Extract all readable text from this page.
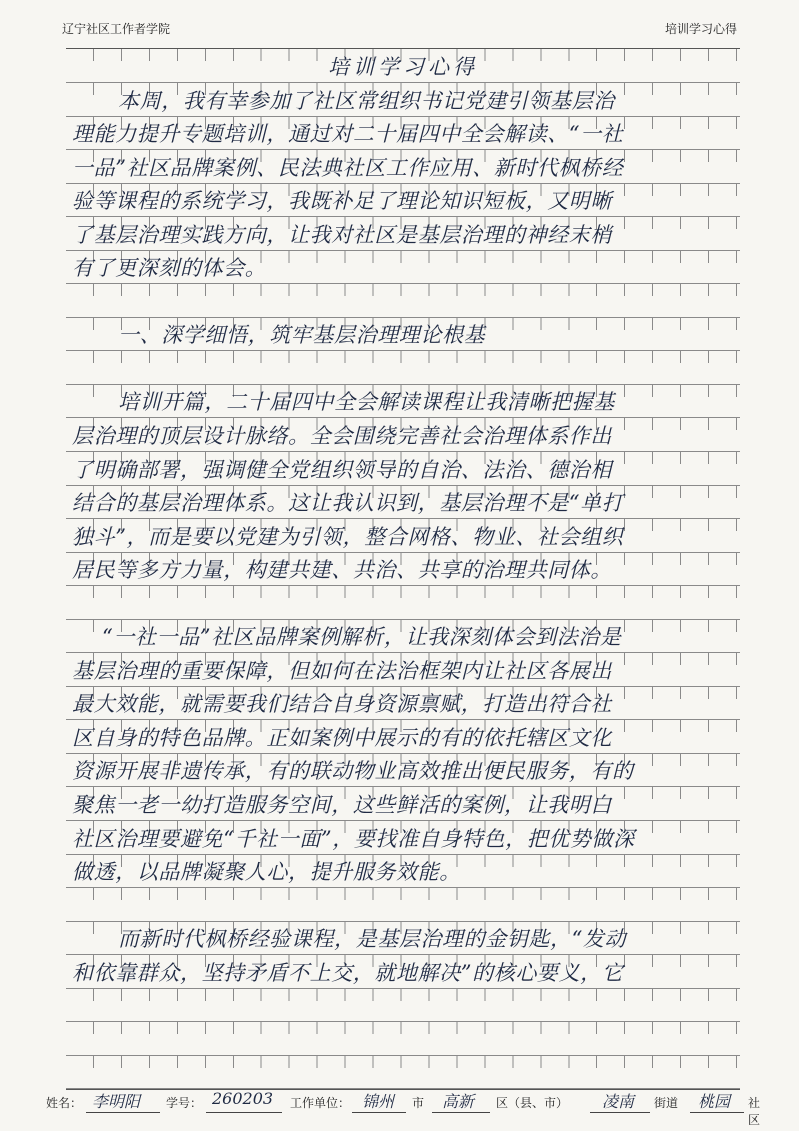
辽宁社区工作者学院	培训学习心得
培训学习心得
本周，我有幸参加了社区常组织书记党建引领基层治
理能力提升专题培训，通过对二十届四中全会解读、“一社
一品”社区品牌案例、民法典社区工作应用、新时代枫桥经
验等课程的系统学习，我既补足了理论知识短板，又明晰
了基层治理实践方向，让我对社区是基层治理的神经末梢
有了更深刻的体会。
一、深学细悟，筑牢基层治理理论根基
培训开篇，二十届四中全会解读课程让我清晰把握基
层治理的顶层设计脉络。全会围绕完善社会治理体系作出
了明确部署，强调健全党组织领导的自治、法治、德治相
结合的基层治理体系。这让我认识到，基层治理不是“单打
独斗”，而是要以党建为引领，整合网格、物业、社会组织
居民等多方力量，构建共建、共治、共享的治理共同体。
“一社一品”社区品牌案例解析，让我深刻体会到法治是
基层治理的重要保障，但如何在法治框架内让社区各展出
最大效能，就需要我们结合自身资源禀赋，打造出符合社
区自身的特色品牌。正如案例中展示的有的依托辖区文化
资源开展非遗传承，有的联动物业高效推出便民服务，有的
聚焦一老一幼打造服务空间，这些鲜活的案例，让我明白
社区治理要避免“千社一面”，要找准自身特色，把优势做深
做透，以品牌凝聚人心，提升服务效能。
而新时代枫桥经验课程，是基层治理的金钥匙，“发动
和依靠群众，坚持矛盾不上交，就地解决”的核心要义，它
姓名： 李明阳 学号： 260203 工作单位： 锦州 市 高新 区（县、市） 凌南 街道 桃园 社区
